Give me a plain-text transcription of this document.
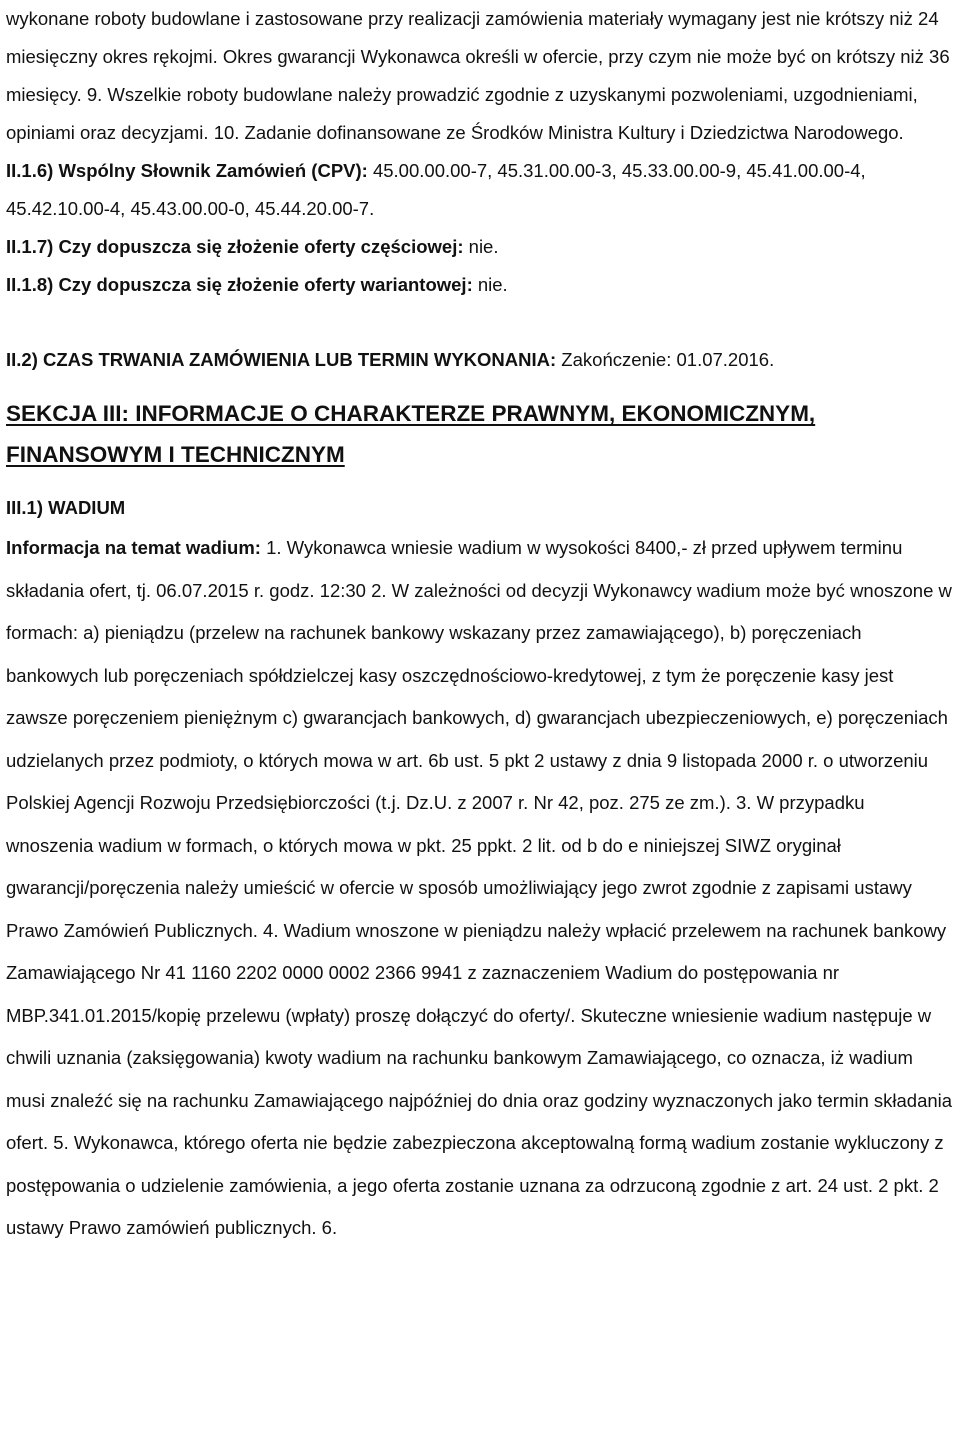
wykonane roboty budowlane i zastosowane przy realizacji zamówienia materiały wymagany jest nie krótszy niż 24 miesięczny okres rękojmi. Okres gwarancji Wykonawca określi w ofercie, przy czym nie może być on krótszy niż 36 miesięcy. 9. Wszelkie roboty budowlane należy prowadzić zgodnie z uzyskanymi pozwoleniami, uzgodnieniami, opiniami oraz decyzjami. 10. Zadanie dofinansowane ze Środków Ministra Kultury i Dziedzictwa Narodowego.

II.1.6) Wspólny Słownik Zamówień (CPV): 45.00.00.00-7, 45.31.00.00-3, 45.33.00.00-9, 45.41.00.00-4, 45.42.10.00-4, 45.43.00.00-0, 45.44.20.00-7.

II.1.7) Czy dopuszcza się złożenie oferty częściowej: nie.

II.1.8) Czy dopuszcza się złożenie oferty wariantowej: nie.

II.2) CZAS TRWANIA ZAMÓWIENIA LUB TERMIN WYKONANIA: Zakończenie: 01.07.2016.

SEKCJA III: INFORMACJE O CHARAKTERZE PRAWNYM, EKONOMICZNYM, FINANSOWYM I TECHNICZNYM

III.1) WADIUM

Informacja na temat wadium: 1. Wykonawca wniesie wadium w wysokości 8400,- zł przed upływem terminu składania ofert, tj. 06.07.2015 r. godz. 12:30 2. W zależności od decyzji Wykonawcy wadium może być wnoszone w formach: a) pieniądzu (przelew na rachunek bankowy wskazany przez zamawiającego), b) poręczeniach bankowych lub poręczeniach spółdzielczej kasy oszczędnościowo-kredytowej, z tym że poręczenie kasy jest zawsze poręczeniem pieniężnym c) gwarancjach bankowych, d) gwarancjach ubezpieczeniowych, e) poręczeniach udzielanych przez podmioty, o których mowa w art. 6b ust. 5 pkt 2 ustawy z dnia 9 listopada 2000 r. o utworzeniu Polskiej Agencji Rozwoju Przedsiębiorczości (t.j. Dz.U. z 2007 r. Nr 42, poz. 275 ze zm.). 3. W przypadku wnoszenia wadium w formach, o których mowa w pkt. 25 ppkt. 2 lit. od b do e niniejszej SIWZ oryginał gwarancji/poręczenia należy umieścić w ofercie w sposób umożliwiający jego zwrot zgodnie z zapisami ustawy Prawo Zamówień Publicznych. 4. Wadium wnoszone w pieniądzu należy wpłacić przelewem na rachunek bankowy Zamawiającego Nr 41 1160 2202 0000 0002 2366 9941 z zaznaczeniem Wadium do postępowania nr MBP.341.01.2015/kopię przelewu (wpłaty) proszę dołączyć do oferty/. Skuteczne wniesienie wadium następuje w chwili uznania (zaksięgowania) kwoty wadium na rachunku bankowym Zamawiającego, co oznacza, iż wadium musi znaleźć się na rachunku Zamawiającego najpóźniej do dnia oraz godziny wyznaczonych jako termin składania ofert. 5. Wykonawca, którego oferta nie będzie zabezpieczona akceptowalną formą wadium zostanie wykluczony z postępowania o udzielenie zamówienia, a jego oferta zostanie uznana za odrzuconą zgodnie z art. 24 ust. 2 pkt. 2 ustawy Prawo zamówień publicznych. 6.
